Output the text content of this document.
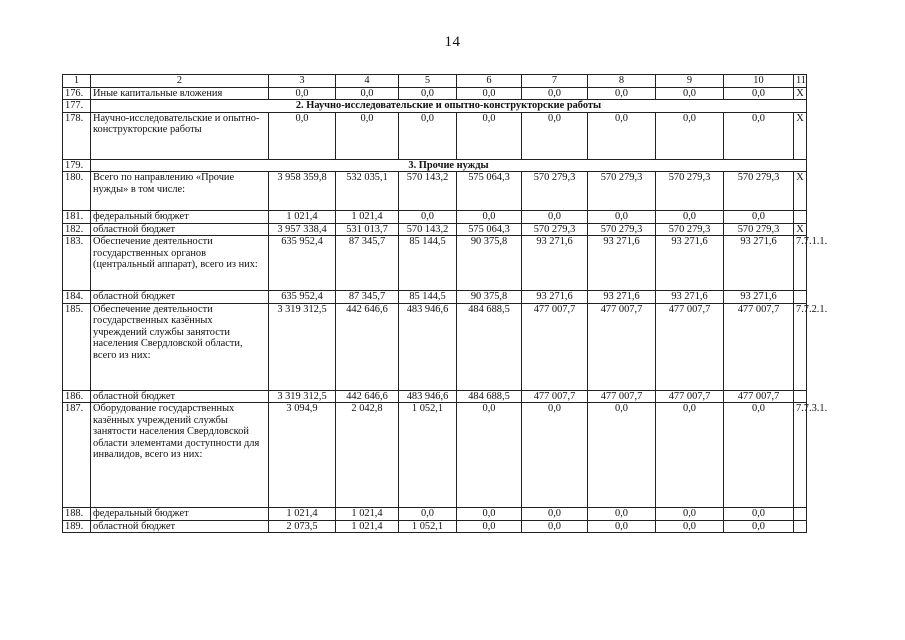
14
1	2	3	4	5	6	7	8	9	10	11
176.	Иные капитальные вложения	0,0	0,0	0,0	0,0	0,0	0,0	0,0	0,0	Х
177.	2. Научно-исследовательские и опытно-конструкторские работы									
178.	Научно-исследовательские и опытно-конструкторские работы	0,0	0,0	0,0	0,0	0,0	0,0	0,0	0,0	Х
179.	3. Прочие нужды									
180.	Всего по направлению «Прочие нужды» в том числе:	3 958 359,8	532 035,1	570 143,2	575 064,3	570 279,3	570 279,3	570 279,3	570 279,3	Х
181.	федеральный бюджет	1 021,4	1 021,4	0,0	0,0	0,0	0,0	0,0	0,0	
182.	областной бюджет	3 957 338,4	531 013,7	570 143,2	575 064,3	570 279,3	570 279,3	570 279,3	570 279,3	Х
183.	Обеспечение деятельности государственных органов (центральный аппарат), всего из них:	635 952,4	87 345,7	85 144,5	90 375,8	93 271,6	93 271,6	93 271,6	93 271,6	7.7.1.1.
184.	областной бюджет	635 952,4	87 345,7	85 144,5	90 375,8	93 271,6	93 271,6	93 271,6	93 271,6	
185.	Обеспечение деятельности государственных казённых учреждений службы занятости населения Свердловской области, всего из них:	3 319 312,5	442 646,6	483 946,6	484 688,5	477 007,7	477 007,7	477 007,7	477 007,7	7.7.2.1.
186.	областной бюджет	3 319 312,5	442 646,6	483 946,6	484 688,5	477 007,7	477 007,7	477 007,7	477 007,7	
187.	Оборудование государственных казённых учреждений службы занятости населения Свердловской области элементами доступности для инвалидов, всего из них:	3 094,9	2 042,8	1 052,1	0,0	0,0	0,0	0,0	0,0	7.7.3.1.
188.	федеральный бюджет	1 021,4	1 021,4	0,0	0,0	0,0	0,0	0,0	0,0	
189.	областной бюджет	2 073,5	1 021,4	1 052,1	0,0	0,0	0,0	0,0	0,0	
